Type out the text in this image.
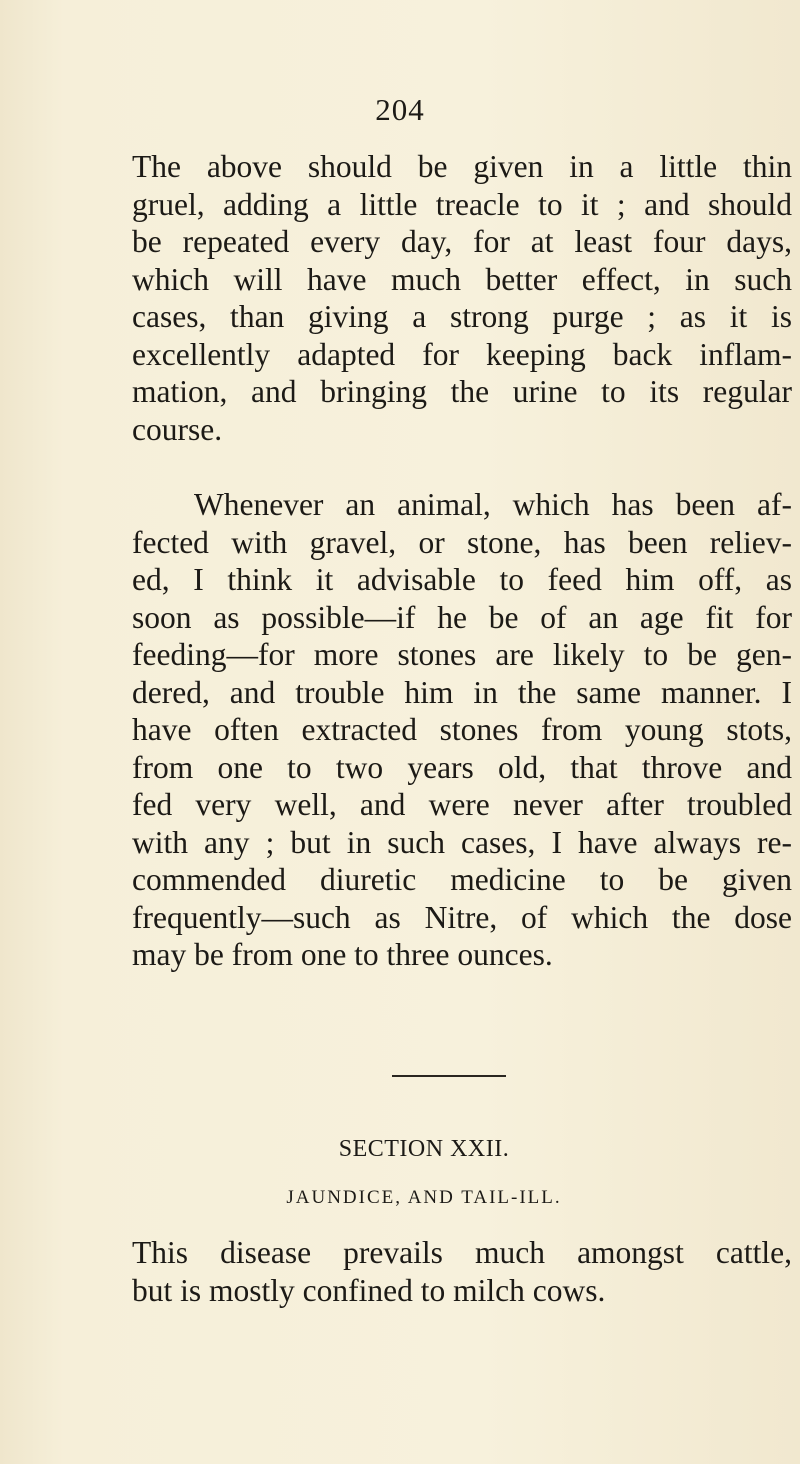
204
The above should be given in a little thin
gruel, adding a little treacle to it ; and should
be repeated every day, for at least four days,
which will have much better effect, in such
cases, than giving a strong purge ; as it is
excellently adapted for keeping back inflam-
mation, and bringing the urine to its regular
course.
Whenever an animal, which has been af-
fected with gravel, or stone, has been reliev-
ed, I think it advisable to feed him off, as
soon as possible—if he be of an age fit for
feeding—for more stones are likely to be gen-
dered, and trouble him in the same manner. I
have often extracted stones from young stots,
from one to two years old, that throve and
fed very well, and were never after troubled
with any ; but in such cases, I have always re-
commended diuretic medicine to be given
frequently—such as Nitre, of which the dose
may be from one to three ounces.
SECTION XXII.
JAUNDICE, AND TAIL-ILL.
This disease prevails much amongst cattle,
but is mostly confined to milch cows.
